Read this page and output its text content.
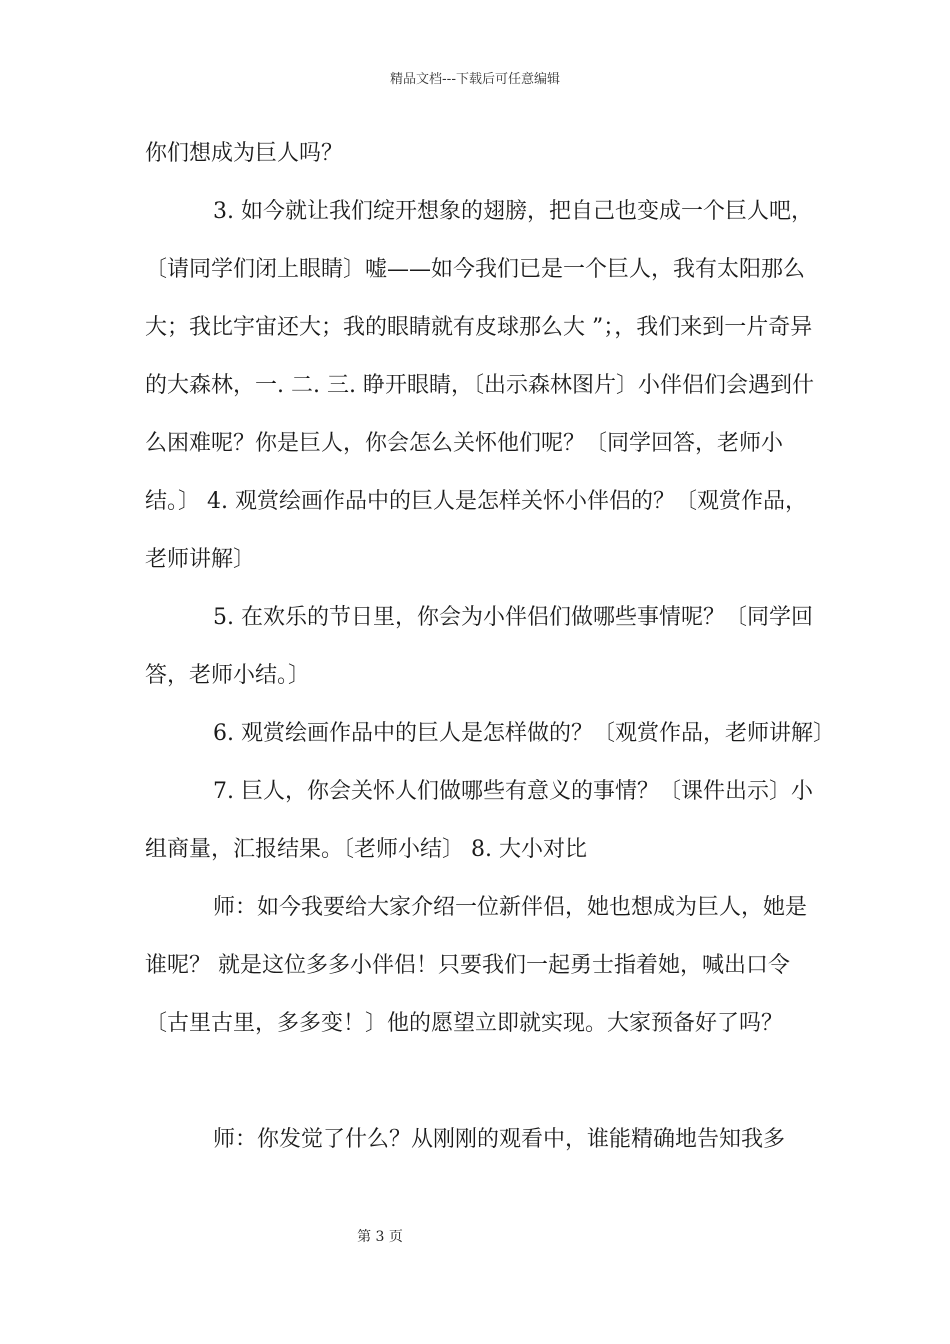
精品文档---下载后可任意编辑

你们想成为巨人吗？

3. 如今就让我们绽开想象的翅膀，把自己也变成一个巨人吧，〔请同学们闭上眼睛〕嘘——如今我们已是一个巨人，我有太阳那么大；我比宇宙还大；我的眼睛就有皮球那么大 ”；，我们来到一片奇异的大森林，一. 二. 三. 睁开眼睛，〔出示森林图片〕小伴侣们会遇到什么困难呢？你是巨人，你会怎么关怀他们呢？〔同学回答，老师小结。〕 4. 观赏绘画作品中的巨人是怎样关怀小伴侣的？〔观赏作品，老师讲解〕

5. 在欢乐的节日里，你会为小伴侣们做哪些事情呢？〔同学回答，老师小结。〕

6. 观赏绘画作品中的巨人是怎样做的？〔观赏作品，老师讲解〕

7. 巨人，你会关怀人们做哪些有意义的事情？〔课件出示〕小组商量，汇报结果。〔老师小结〕 8. 大小对比

师：如今我要给大家介绍一位新伴侣，她也想成为巨人，她是谁呢？ 就是这位多多小伴侣！只要我们一起勇士指着她，喊出口令〔古里古里，多多变！〕他的愿望立即就实现。大家预备好了吗？

师：你发觉了什么？从刚刚的观看中，谁能精确地告知我多

第 3 页
